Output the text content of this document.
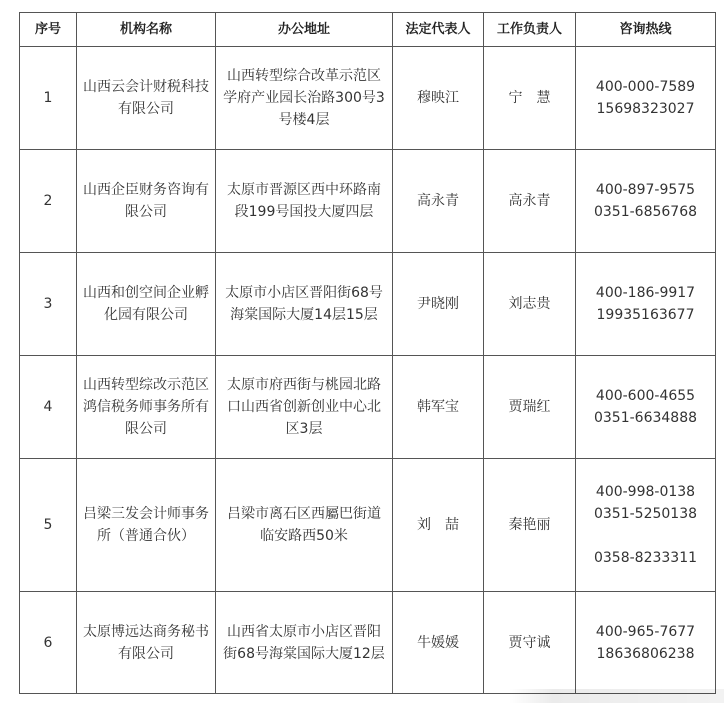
序号	机构名称	办公地址	法定代表人	工作负责人	咨询热线
1	山西云会计财税科技有限公司	山西转型综合改革示范区学府产业园长治路300号3号楼4层	穆映江	宁　慧	400-000-7589
15698323027

2	山西企臣财务咨询有限公司	太原市晋源区西中环路南段199号国投大厦四层	高永青	高永青	400-897-9575
0351-6856768

3	山西和创空间企业孵化园有限公司	太原市小店区晋阳街68号海棠国际大厦14层15层	尹晓刚	刘志贵	400-186-9917
19935163677

4	山西转型综改示范区鸿信税务师事务所有限公司	太原市府西街与桃园北路口山西省创新创业中心北区3层	韩军宝	贾瑞红	400-600-4655
0351-6634888

5	吕梁三发会计师事务所（普通合伙）	吕梁市离石区西屬巴街道临安路西50米	刘　喆	秦艳丽	400-998-0138
0351-5250138
0358-8233311

6	太原博远达商务秘书有限公司	山西省太原市小店区晋阳街68号海棠国际大厦12层	牛媛媛	贾守诚	400-965-7677
18636806238
